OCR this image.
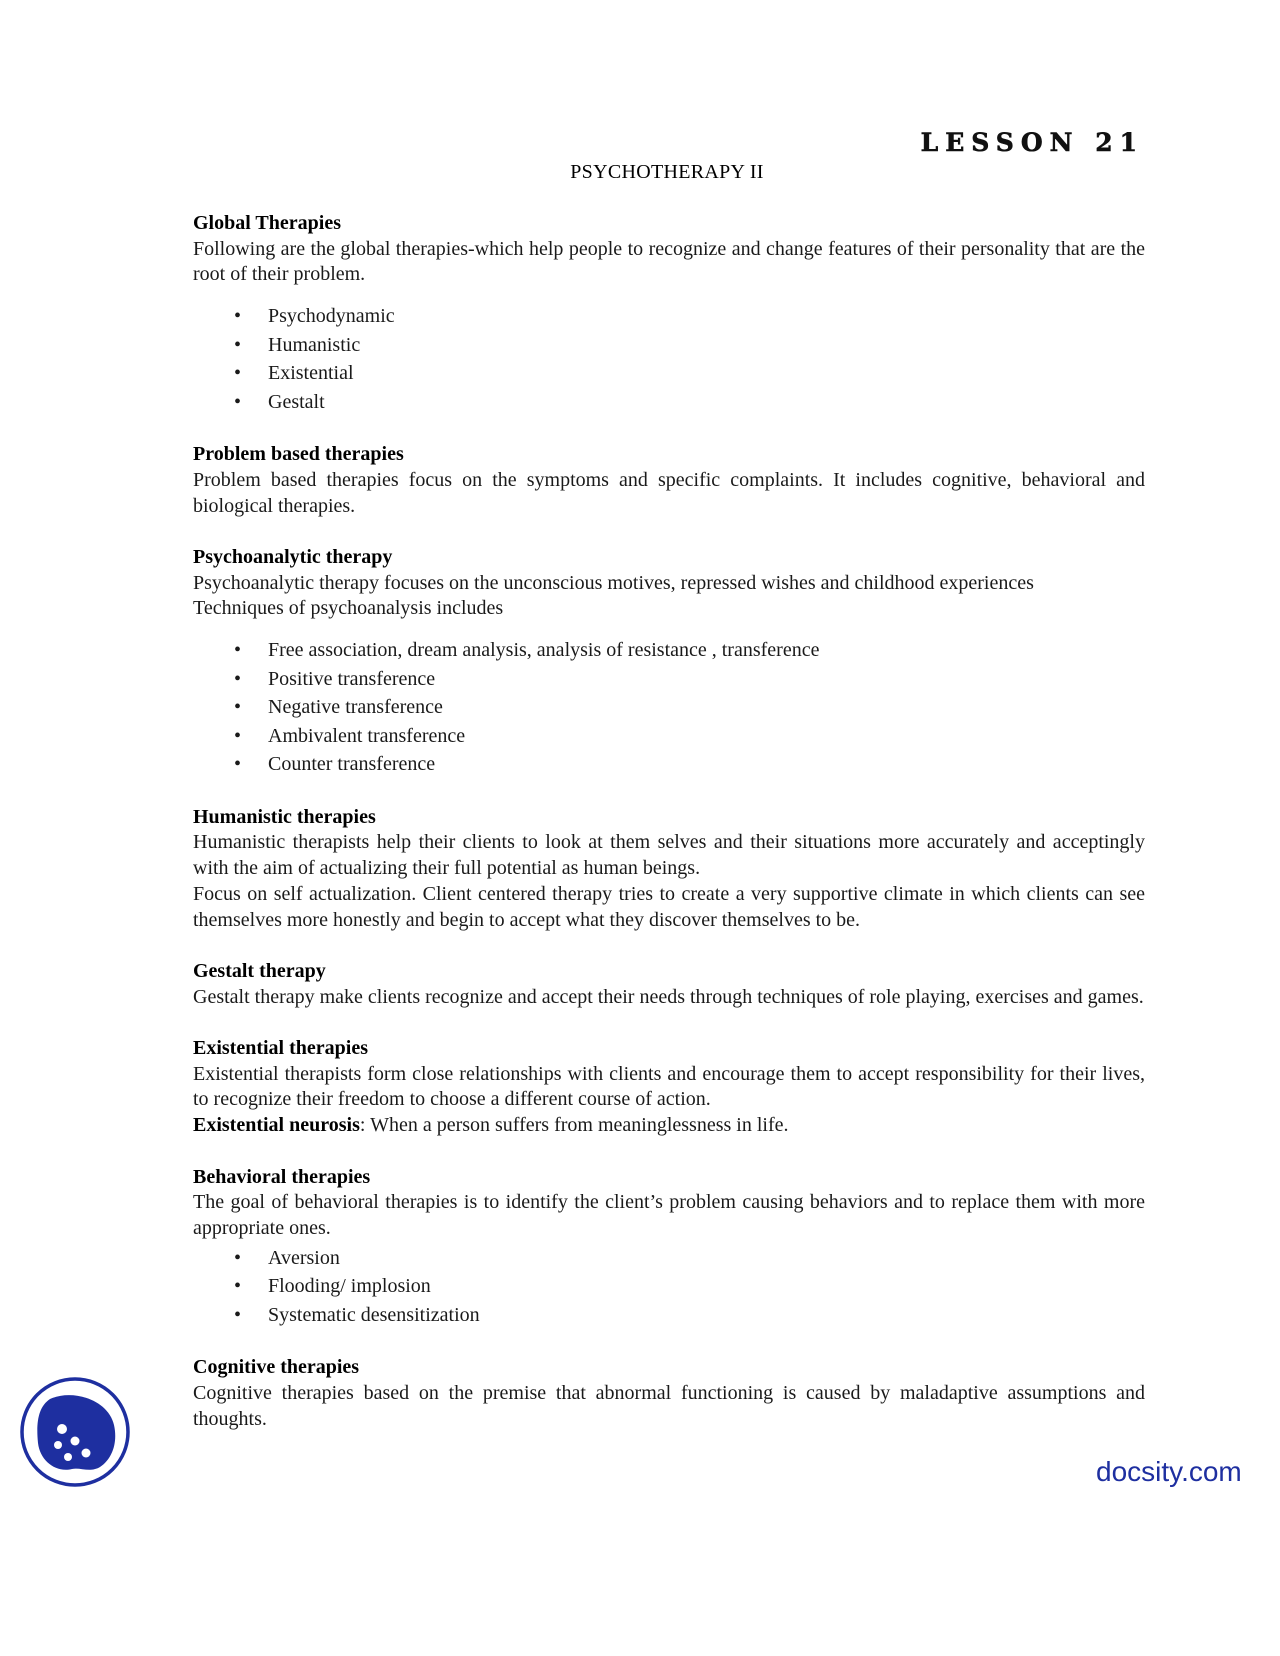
LESSON 21
PSYCHOTHERAPY II
Global Therapies
Following are the global therapies-which help people to recognize and change features of their personality that are the root of their problem.
• Psychodynamic
• Humanistic
• Existential
• Gestalt
Problem based therapies
Problem based therapies focus on the symptoms and specific complaints. It includes cognitive, behavioral and biological therapies.
Psychoanalytic therapy
Psychoanalytic therapy focuses on the unconscious motives, repressed wishes and childhood experiences
Techniques of psychoanalysis includes
• Free association, dream analysis, analysis of resistance , transference
• Positive transference
• Negative transference
• Ambivalent transference
• Counter transference
Humanistic therapies
Humanistic therapists help their clients to look at them selves and their situations more accurately and acceptingly with the aim of actualizing their full potential as human beings.
Focus on self actualization. Client centered therapy tries to create a very supportive climate in which clients can see themselves more honestly and begin to accept what they discover themselves to be.
Gestalt therapy
Gestalt therapy make clients recognize and accept their needs through techniques of role playing, exercises and games.
Existential therapies
Existential therapists form close relationships with clients and encourage them to accept responsibility for their lives, to recognize their freedom to choose a different course of action.
Existential neurosis: When a person suffers from meaninglessness in life.
Behavioral therapies
The goal of behavioral therapies is to identify the client’s problem causing behaviors and to replace them with more appropriate ones.
• Aversion
• Flooding/ implosion
• Systematic desensitization
Cognitive therapies
Cognitive therapies based on the premise that abnormal functioning is caused by maladaptive assumptions and thoughts.
docsity.com
